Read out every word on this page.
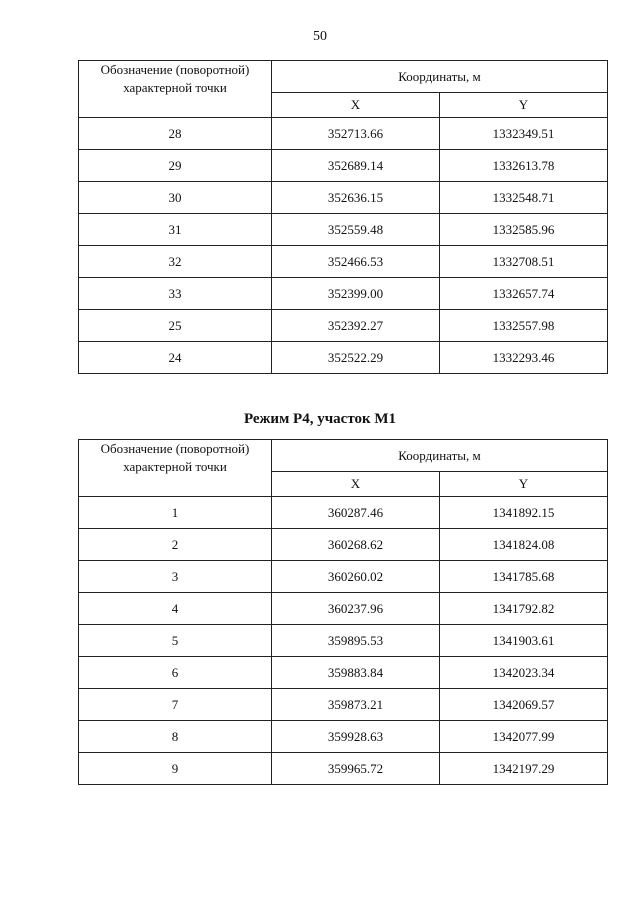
50
Обозначение (поворотной)
характерной точки	Координаты, м	
	X	Y
28	352713.66	1332349.51
29	352689.14	1332613.78
30	352636.15	1332548.71
31	352559.48	1332585.96
32	352466.53	1332708.51
33	352399.00	1332657.74
25	352392.27	1332557.98
24	352522.29	1332293.46
Режим Р4, участок М1
Обозначение (поворотной)
характерной точки	Координаты, м	
	X	Y
1	360287.46	1341892.15
2	360268.62	1341824.08
3	360260.02	1341785.68
4	360237.96	1341792.82
5	359895.53	1341903.61
6	359883.84	1342023.34
7	359873.21	1342069.57
8	359928.63	1342077.99
9	359965.72	1342197.29
